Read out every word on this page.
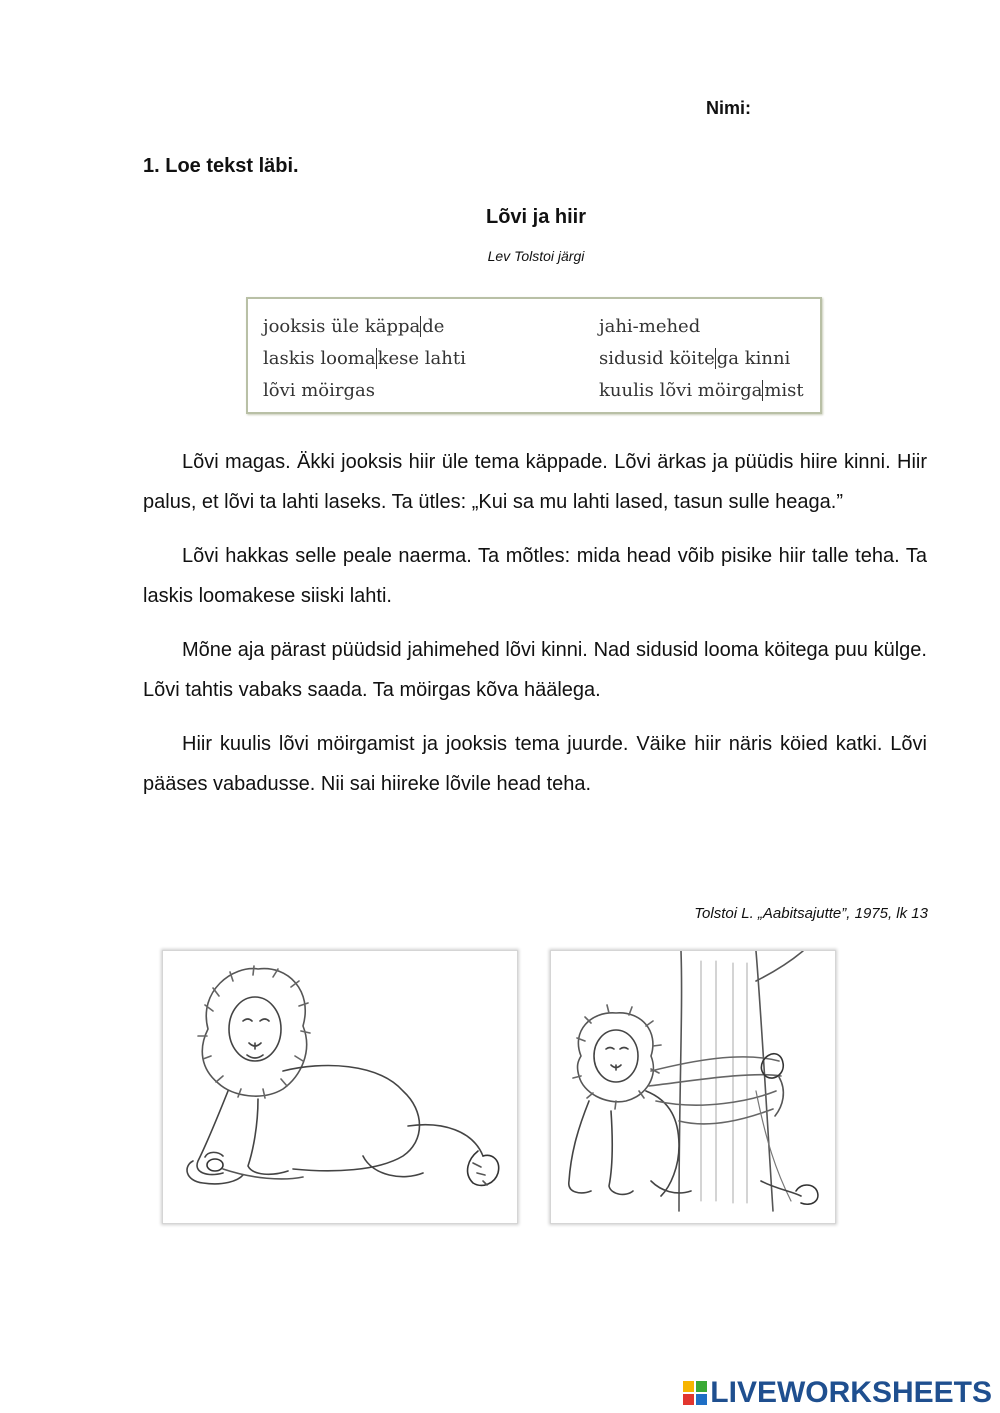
Nimi:
1. Loe tekst läbi.
Lõvi ja hiir
Lev Tolstoi järgi
jooksis üle käppa de
laskis looma kese lahti
lõvi möirgas
jahi-mehed
sidusid köite ga kinni
kuulis lõvi möirga mist

Lõvi magas. Äkki jooksis hiir üle tema käppade. Lõvi ärkas ja püüdis hiire kinni. Hiir palus, et lõvi ta lahti laseks. Ta ütles: „Kui sa mu lahti lased, tasun sulle heaga.”

Lõvi hakkas selle peale naerma. Ta mõtles: mida head võib pisike hiir talle teha. Ta laskis loomakese siiski lahti.

Mõne aja pärast püüdsid jahimehed lõvi kinni. Nad sidusid looma köitega puu külge. Lõvi tahtis vabaks saada. Ta möirgas kõva häälega.

Hiir kuulis lõvi möirgamist ja jooksis tema juurde. Väike hiir näris köied katki. Lõvi pääses vabadusse. Nii sai hiireke lõvile head teha.

Tolstoi L. „Aabitsajutte”, 1975, lk 13
LIVEWORKSHEETS
